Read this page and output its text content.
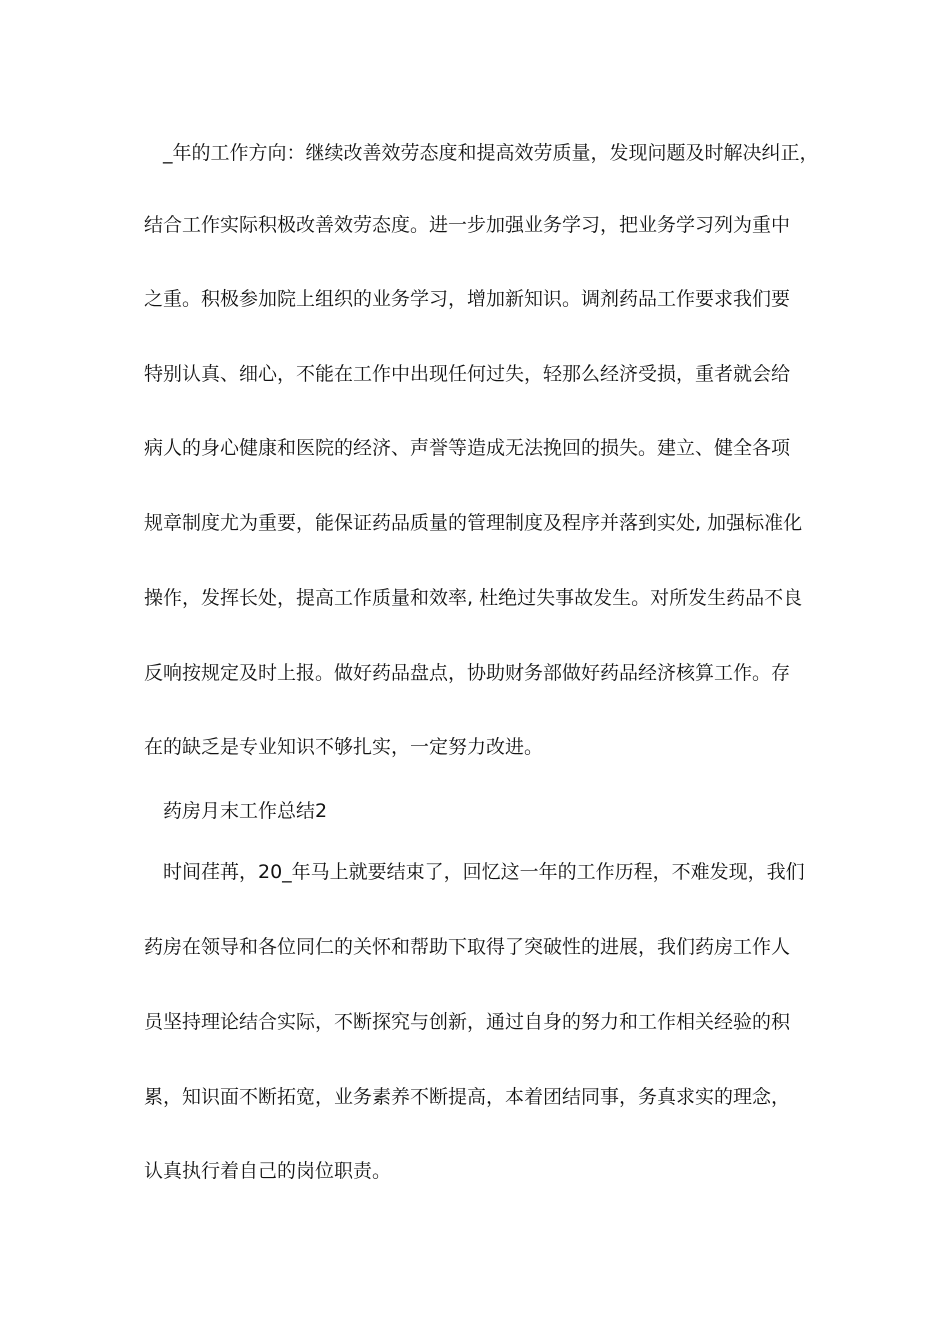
_年的工作方向：继续改善效劳态度和提高效劳质量，发现问题及时解决纠正，
结合工作实际积极改善效劳态度。进一步加强业务学习，把业务学习列为重中
之重。积极参加院上组织的业务学习，增加新知识。调剂药品工作要求我们要
特别认真、细心，不能在工作中出现任何过失，轻那么经济受损，重者就会给
病人的身心健康和医院的经济、声誉等造成无法挽回的损失。建立、健全各项
规章制度尤为重要，能保证药品质量的管理制度及程序并落到实处, 加强标准化
操作，发挥长处，提高工作质量和效率, 杜绝过失事故发生。对所发生药品不良
反响按规定及时上报。做好药品盘点，协助财务部做好药品经济核算工作。存
在的缺乏是专业知识不够扎实，一定努力改进。
药房月末工作总结2
时间荏苒，20_年马上就要结束了，回忆这一年的工作历程，不难发现，我们
药房在领导和各位同仁的关怀和帮助下取得了突破性的进展，我们药房工作人
员坚持理论结合实际，不断探究与创新，通过自身的努力和工作相关经验的积
累，知识面不断拓宽，业务素养不断提高，本着团结同事，务真求实的理念，
认真执行着自己的岗位职责。
